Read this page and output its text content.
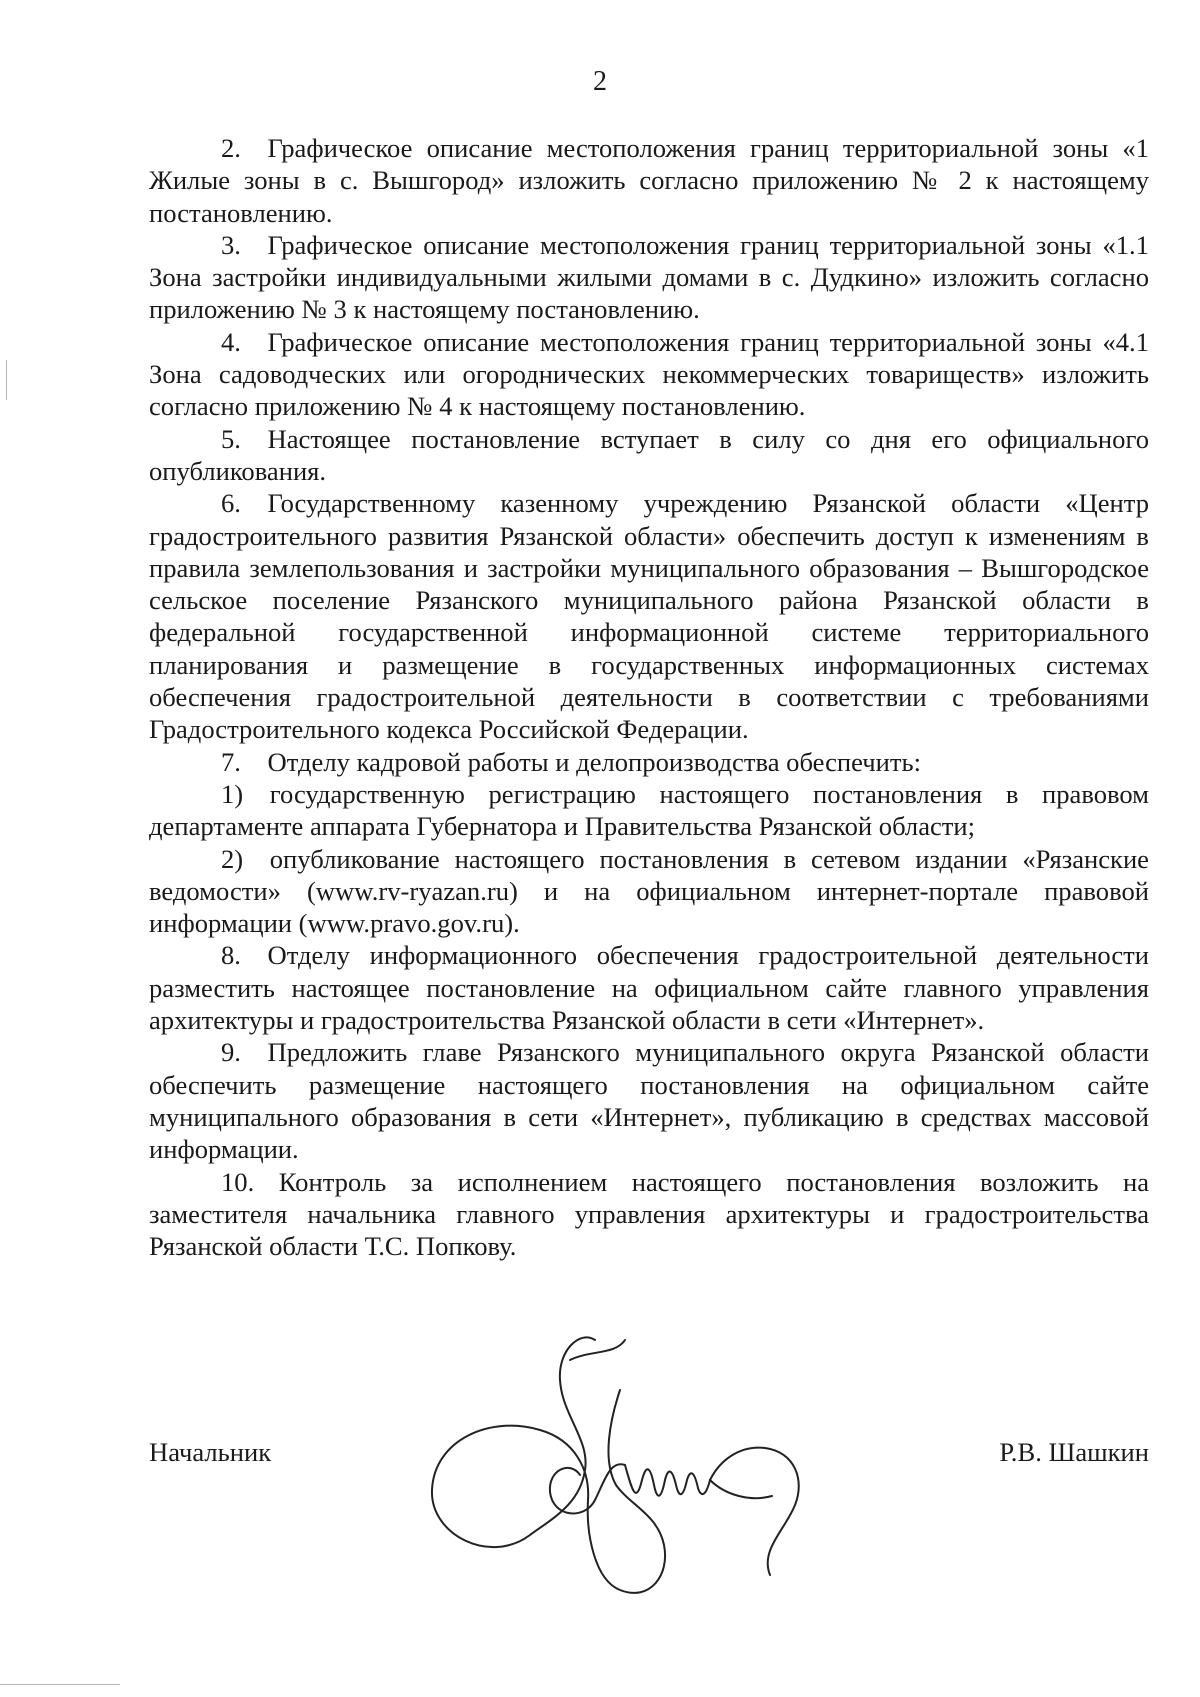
2

2. Графическое описание местоположения границ территориальной зоны «1 Жилые зоны в с. Вышгород» изложить согласно приложению № 2 к настоящему постановлению.

3. Графическое описание местоположения границ территориальной зоны «1.1 Зона застройки индивидуальными жилыми домами в с. Дудкино» изложить согласно приложению № 3 к настоящему постановлению.

4. Графическое описание местоположения границ территориальной зоны «4.1 Зона садоводческих или огороднических некоммерческих товариществ» изложить согласно приложению № 4 к настоящему постановлению.

5. Настоящее постановление вступает в силу со дня его официального опубликования.

6. Государственному казенному учреждению Рязанской области «Центр градостроительного развития Рязанской области» обеспечить доступ к изменениям в правила землепользования и застройки муниципального образования – Вышгородское сельское поселение Рязанского муниципального района Рязанской области в федеральной государственной информационной системе территориального планирования и размещение в государственных информационных системах обеспечения градостроительной деятельности в соответствии с требованиями Градостроительного кодекса Российской Федерации.

7. Отделу кадровой работы и делопроизводства обеспечить:

1) государственную регистрацию настоящего постановления в правовом департаменте аппарата Губернатора и Правительства Рязанской области;

2) опубликование настоящего постановления в сетевом издании «Рязанские ведомости» (www.rv-ryazan.ru) и на официальном интернет-портале правовой информации (www.pravo.gov.ru).

8. Отделу информационного обеспечения градостроительной деятельности разместить настоящее постановление на официальном сайте главного управления архитектуры и градостроительства Рязанской области в сети «Интернет».

9. Предложить главе Рязанского муниципального округа Рязанской области обеспечить размещение настоящего постановления на официальном сайте муниципального образования в сети «Интернет», публикацию в средствах массовой информации.

10. Контроль за исполнением настоящего постановления возложить на заместителя начальника главного управления архитектуры и градостроительства Рязанской области Т.С. Попкову.

Начальник	Р.В. Шашкин
